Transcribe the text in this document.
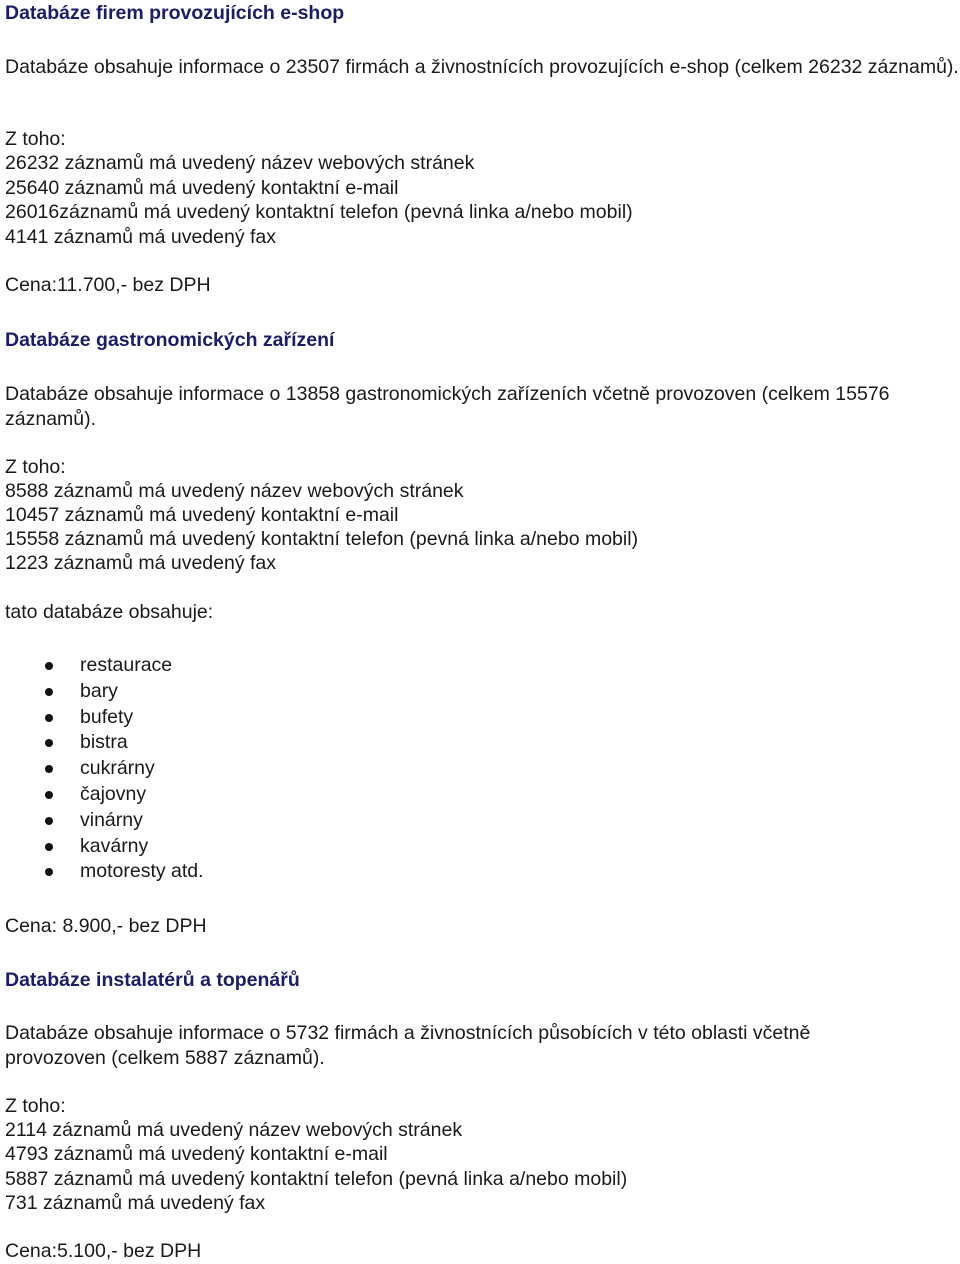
Databáze firem provozujících e-shop

Databáze obsahuje informace o 23507 firmách a živnostnících provozujících e-shop (celkem 26232 záznamů).

Z toho:

26232 záznamů má uvedený název webových stránek

25640 záznamů má uvedený kontaktní e-mail

26016záznamů má uvedený kontaktní telefon (pevná linka a/nebo mobil)

4141 záznamů má uvedený fax

Cena:11.700,- bez DPH

Databáze gastronomických zařízení

Databáze obsahuje informace o 13858 gastronomických zařízeních včetně provozoven (celkem 15576 záznamů).

Z toho:

8588 záznamů má uvedený název webových stránek

10457 záznamů má uvedený kontaktní e-mail

15558 záznamů má uvedený kontaktní telefon (pevná linka a/nebo mobil)

1223 záznamů má uvedený fax

tato databáze obsahuje:

restaurace
bary
bufety
bistra
cukrárny
čajovny
vinárny
kavárny
motoresty atd.

Cena: 8.900,- bez DPH

Databáze instalatérů a topenářů

Databáze obsahuje informace o 5732 firmách a živnostnících působících v této oblasti včetně provozoven (celkem 5887 záznamů).

Z toho:

2114 záznamů má uvedený název webových stránek

4793 záznamů má uvedený kontaktní e-mail

5887 záznamů má uvedený kontaktní telefon (pevná linka a/nebo mobil)

731 záznamů má uvedený fax

Cena:5.100,- bez DPH
